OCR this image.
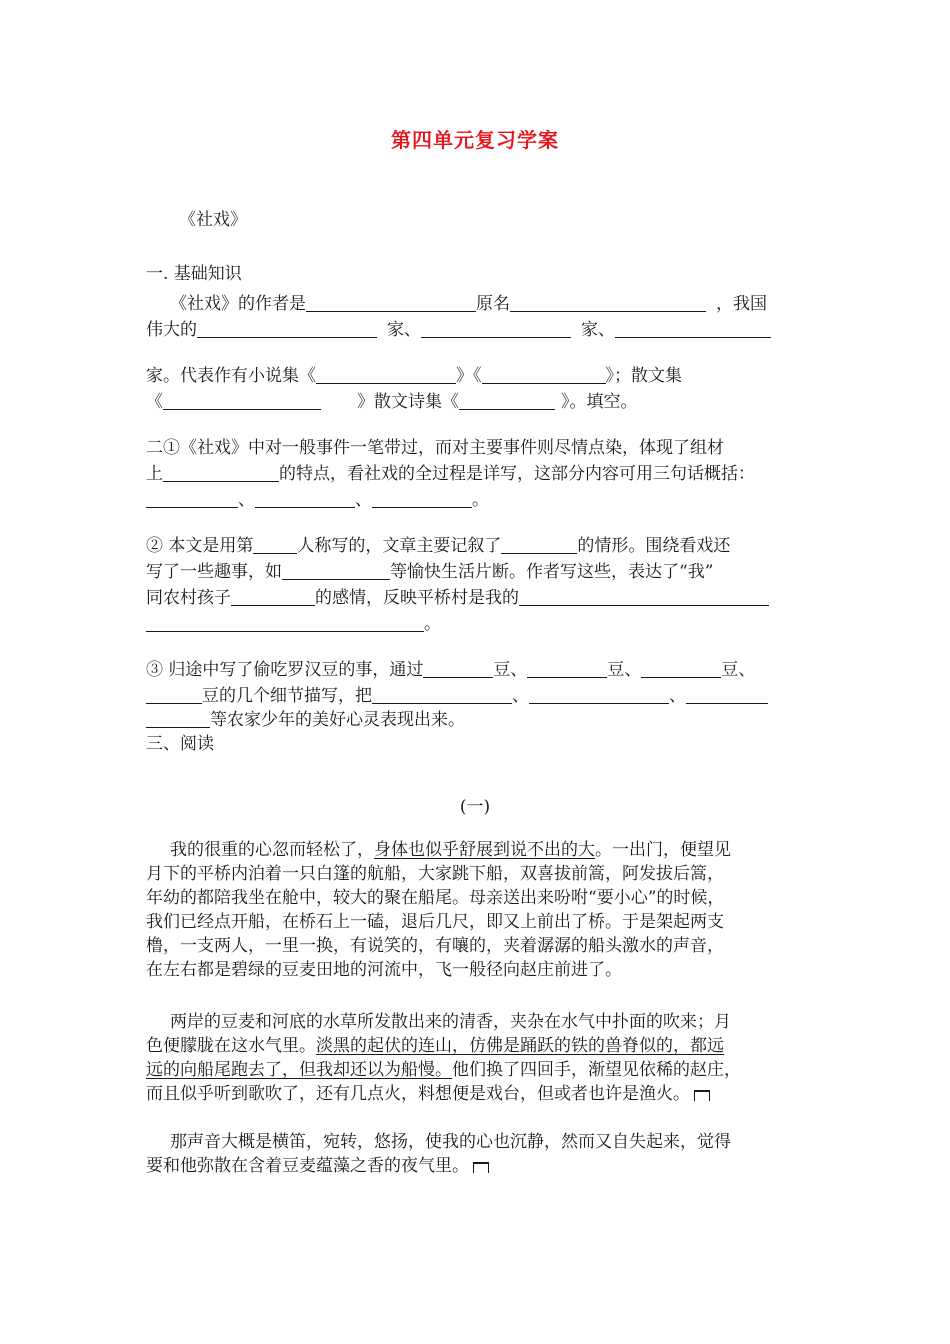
第四单元复习学案
《社戏》
一. 基础知识
《社戏》的作者是	原名	，我国
伟大的	家、	家、
家。代表作有小说集《	》《	》；散文集
《	》散文诗集《	》。填空。
二①《社戏》中对一般事件一笔带过，而对主要事件则尽情点染，体现了组材
上	的特点，看社戏的全过程是详写，这部分内容可用三句话概括：
、	、	。
② 本文是用第	人称写的，文章主要记叙了	的情形。围绕看戏还
写了一些趣事，如	等愉快生活片断。作者写这些，表达了“我”
同农村孩子	的感情，反映平桥村是我的
。
③ 归途中写了偷吃罗汉豆的事，通过	豆、	豆、	豆、
豆的几个细节描写，把	、	、
等农家少年的美好心灵表现出来。
三、阅读
(一)
我的很重的心忽而轻松了，身体也似乎舒展到说不出的大。一出门，便望见
月下的平桥内泊着一只白篷的航船，大家跳下船，双喜拔前篙，阿发拔后篙，
年幼的都陪我坐在舱中，较大的聚在船尾。母亲送出来吩咐“要小心”的时候，
我们已经点开船，在桥石上一磕，退后几尺，即又上前出了桥。于是架起两支
橹，一支两人，一里一换，有说笑的，有嚷的，夹着潺潺的船头激水的声音，
在左右都是碧绿的豆麦田地的河流中，飞一般径向赵庄前进了。
两岸的豆麦和河底的水草所发散出来的清香，夹杂在水气中扑面的吹来；月
色便朦胧在这水气里。淡黑的起伏的连山，仿佛是踊跃的铁的兽脊似的，都远
远的向船尾跑去了，但我却还以为船慢。他们换了四回手，渐望见依稀的赵庄，
而且似乎听到歌吹了，还有几点火，料想便是戏台，但或者也许是渔火。
那声音大概是横笛，宛转，悠扬，使我的心也沉静，然而又自失起来，觉得
要和他弥散在含着豆麦蕴藻之香的夜气里。
